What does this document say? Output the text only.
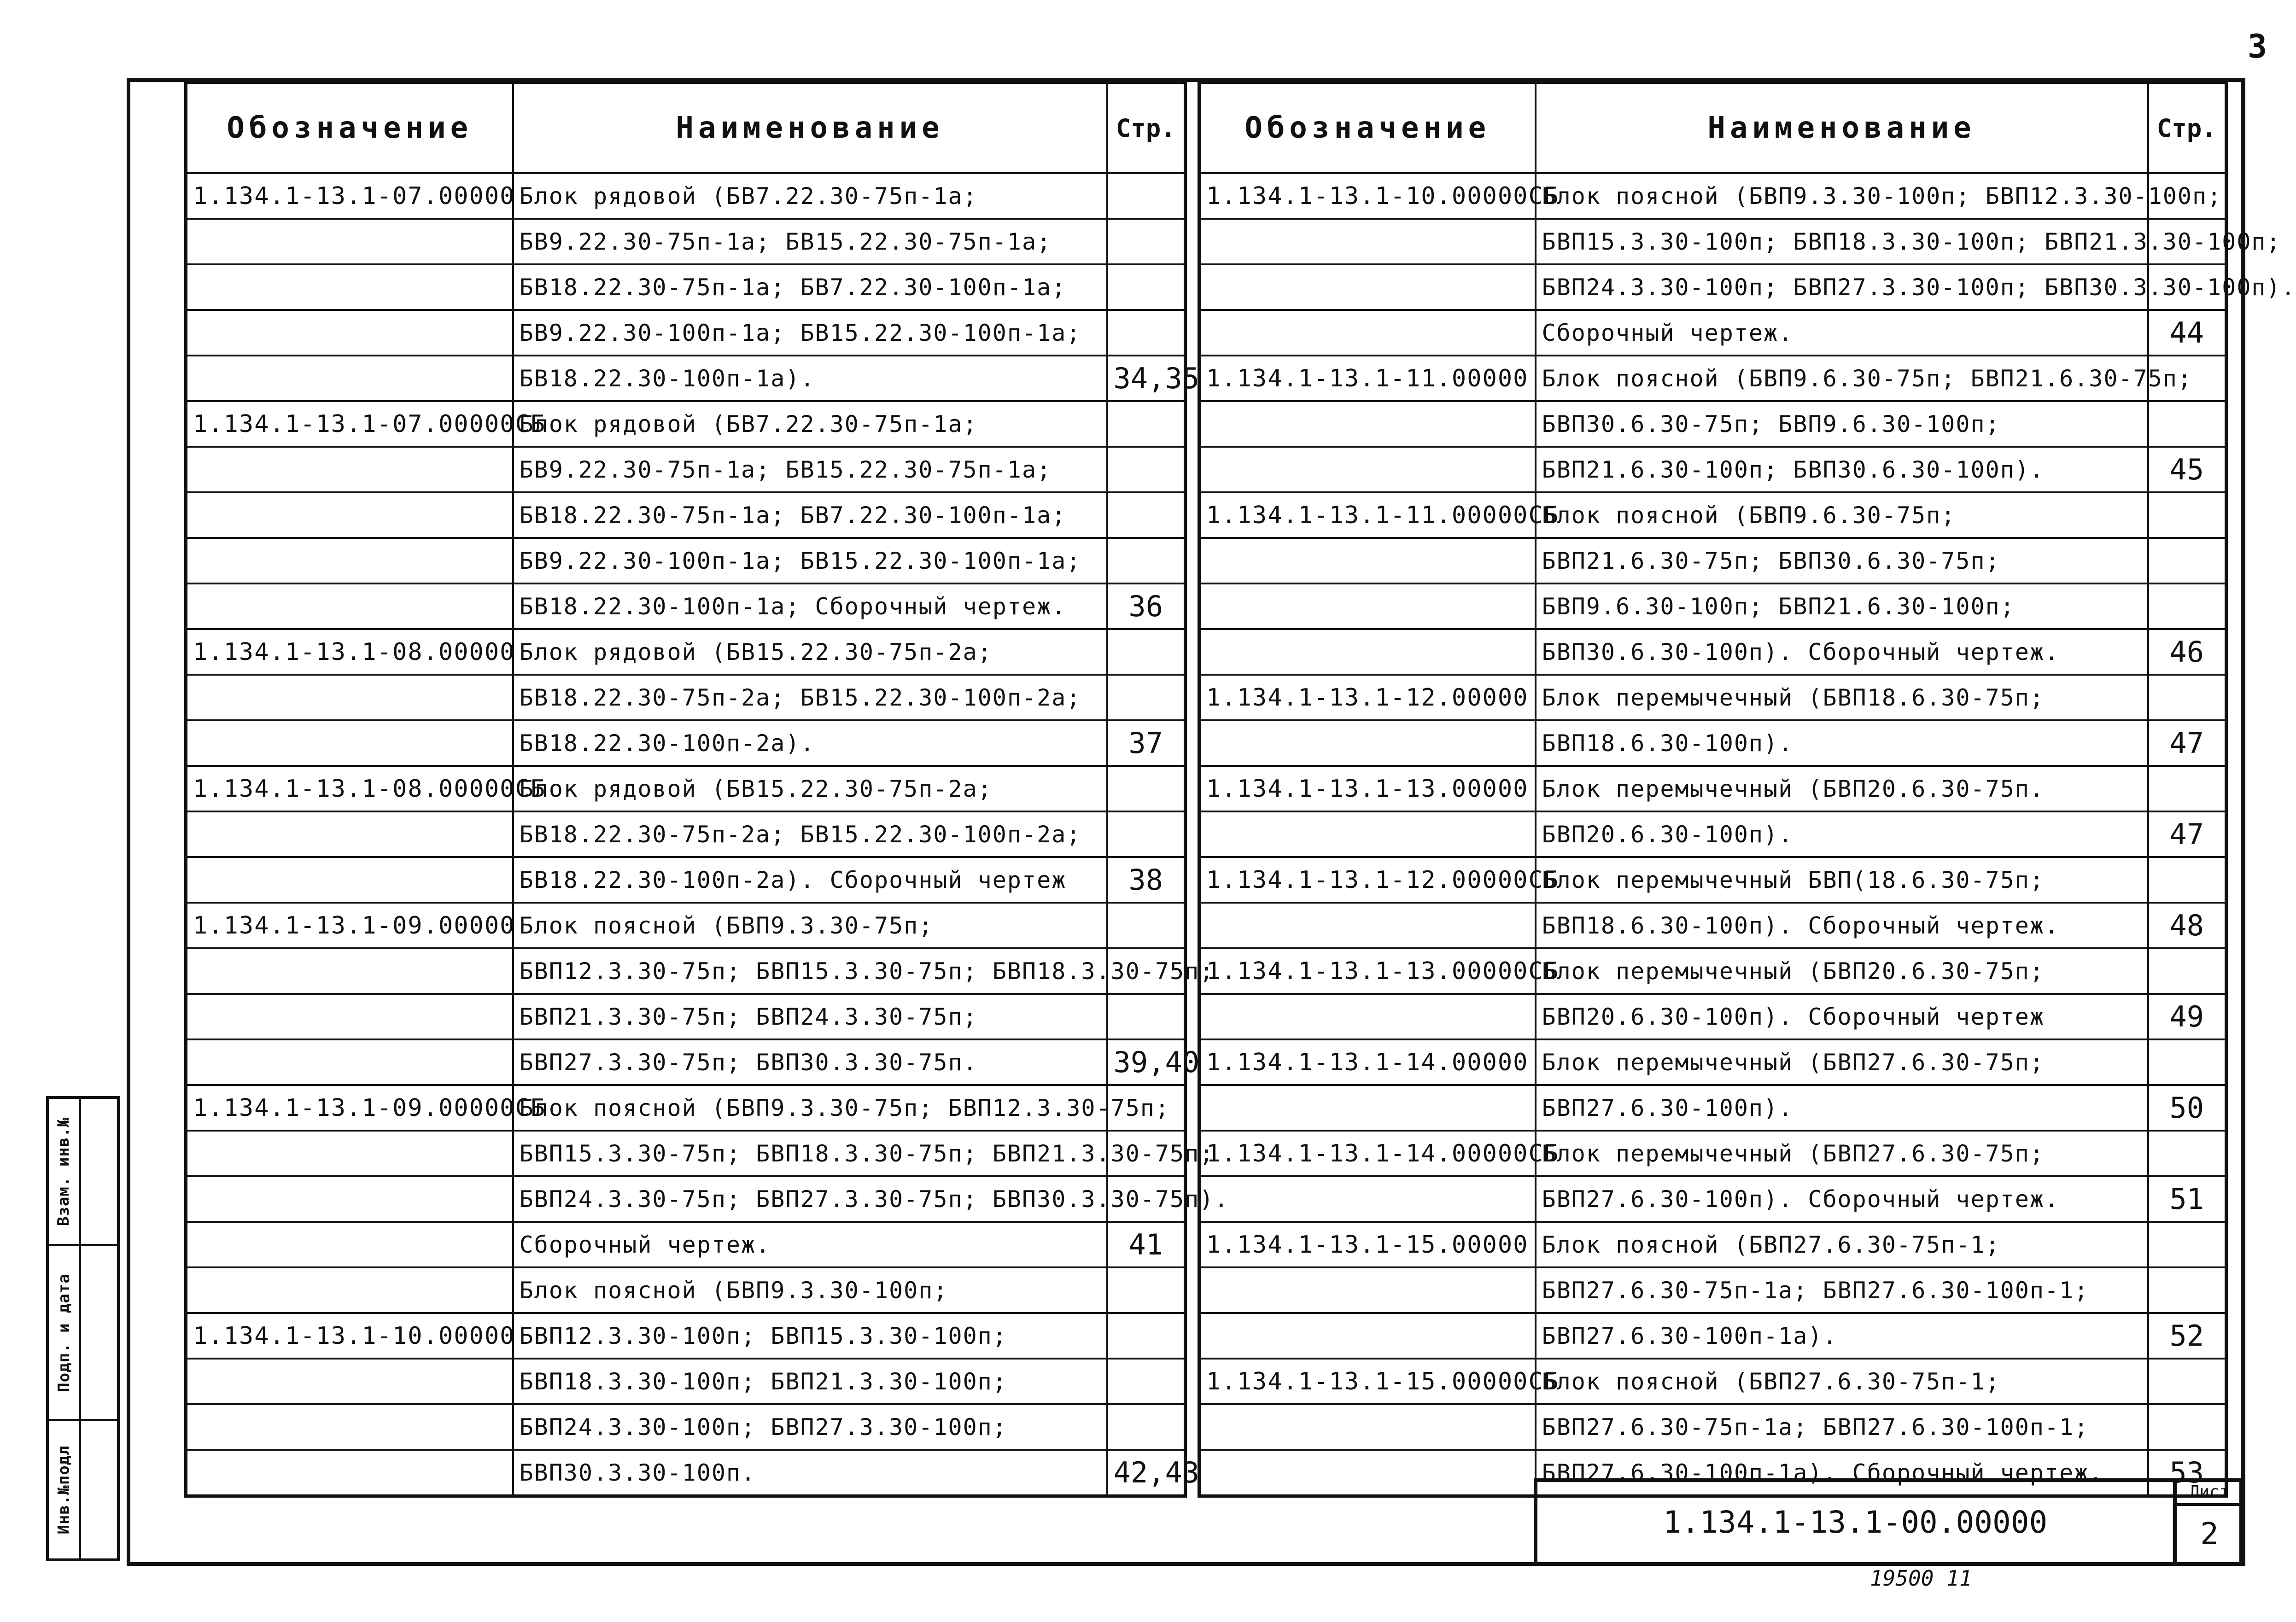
3
Обозначение	Наименование	Стр.
1.134.1-13.1-07.00000	Блок рядовой (БВ7.22.30-75п-1а;	
	БВ9.22.30-75п-1а; БВ15.22.30-75п-1а;	
	БВ18.22.30-75п-1а; БВ7.22.30-100п-1а;	
	БВ9.22.30-100п-1а; БВ15.22.30-100п-1а;	
	БВ18.22.30-100п-1а).	34,35
1.134.1-13.1-07.00000СБ	Блок рядовой (БВ7.22.30-75п-1а;	
	БВ9.22.30-75п-1а; БВ15.22.30-75п-1а;	
	БВ18.22.30-75п-1а; БВ7.22.30-100п-1а;	
	БВ9.22.30-100п-1а; БВ15.22.30-100п-1а;	
	БВ18.22.30-100п-1а; Сборочный чертеж.	36
1.134.1-13.1-08.00000	Блок рядовой (БВ15.22.30-75п-2а;	
	БВ18.22.30-75п-2а; БВ15.22.30-100п-2а;	
	БВ18.22.30-100п-2а).	37
1.134.1-13.1-08.00000СБ	Блок рядовой (БВ15.22.30-75п-2а;	
	БВ18.22.30-75п-2а; БВ15.22.30-100п-2а;	
	БВ18.22.30-100п-2а). Сборочный чертеж	38
1.134.1-13.1-09.00000	Блок поясной (БВП9.3.30-75п;	
	БВП12.3.30-75п; БВП15.3.30-75п; БВП18.3.30-75п;	
	БВП21.3.30-75п; БВП24.3.30-75п;	
	БВП27.3.30-75п; БВП30.3.30-75п.	39,40
1.134.1-13.1-09.00000СБ	Блок поясной (БВП9.3.30-75п; БВП12.3.30-75п;	
	БВП15.3.30-75п; БВП18.3.30-75п; БВП21.3.30-75п;	
	БВП24.3.30-75п; БВП27.3.30-75п; БВП30.3.30-75п).	
	Сборочный чертеж.	41
	Блок поясной (БВП9.3.30-100п;	
1.134.1-13.1-10.00000	БВП12.3.30-100п; БВП15.3.30-100п;	
	БВП18.3.30-100п; БВП21.3.30-100п;	
	БВП24.3.30-100п; БВП27.3.30-100п;	
	БВП30.3.30-100п.	42,43
Обозначение	Наименование	Стр.
1.134.1-13.1-10.00000СБ	Блок поясной (БВП9.3.30-100п; БВП12.3.30-100п;	
	БВП15.3.30-100п; БВП18.3.30-100п; БВП21.3.30-100п;	
	БВП24.3.30-100п; БВП27.3.30-100п; БВП30.3.30-100п).	
	Сборочный чертеж.	44
1.134.1-13.1-11.00000	Блок поясной (БВП9.6.30-75п; БВП21.6.30-75п;	
	БВП30.6.30-75п; БВП9.6.30-100п;	
	БВП21.6.30-100п; БВП30.6.30-100п).	45
1.134.1-13.1-11.00000СБ	Блок поясной (БВП9.6.30-75п;	
	БВП21.6.30-75п; БВП30.6.30-75п;	
	БВП9.6.30-100п; БВП21.6.30-100п;	
	БВП30.6.30-100п). Сборочный чертеж.	46
1.134.1-13.1-12.00000	Блок перемычечный (БВП18.6.30-75п;	
	БВП18.6.30-100п).	47
1.134.1-13.1-13.00000	Блок перемычечный (БВП20.6.30-75п.	
	БВП20.6.30-100п).	47
1.134.1-13.1-12.00000СБ	Блок перемычечный БВП(18.6.30-75п;	
	БВП18.6.30-100п). Сборочный чертеж.	48
1.134.1-13.1-13.00000СБ	Блок перемычечный (БВП20.6.30-75п;	
	БВП20.6.30-100п). Сборочный чертеж	49
1.134.1-13.1-14.00000	Блок перемычечный (БВП27.6.30-75п;	
	БВП27.6.30-100п).	50
1.134.1-13.1-14.00000СБ	Блок перемычечный (БВП27.6.30-75п;	
	БВП27.6.30-100п). Сборочный чертеж.	51
1.134.1-13.1-15.00000	Блок поясной (БВП27.6.30-75п-1;	
	БВП27.6.30-75п-1а; БВП27.6.30-100п-1;	
	БВП27.6.30-100п-1а).	52
1.134.1-13.1-15.00000СБ	Блок поясной (БВП27.6.30-75п-1;	
	БВП27.6.30-75п-1а; БВП27.6.30-100п-1;	
	БВП27.6.30-100п-1а). Сборочный чертеж.	53
Взам. инв.№
Подп. и дата
Инв.№подл	1.134.1-13.1-00.00000
Лист
2
19500 11
